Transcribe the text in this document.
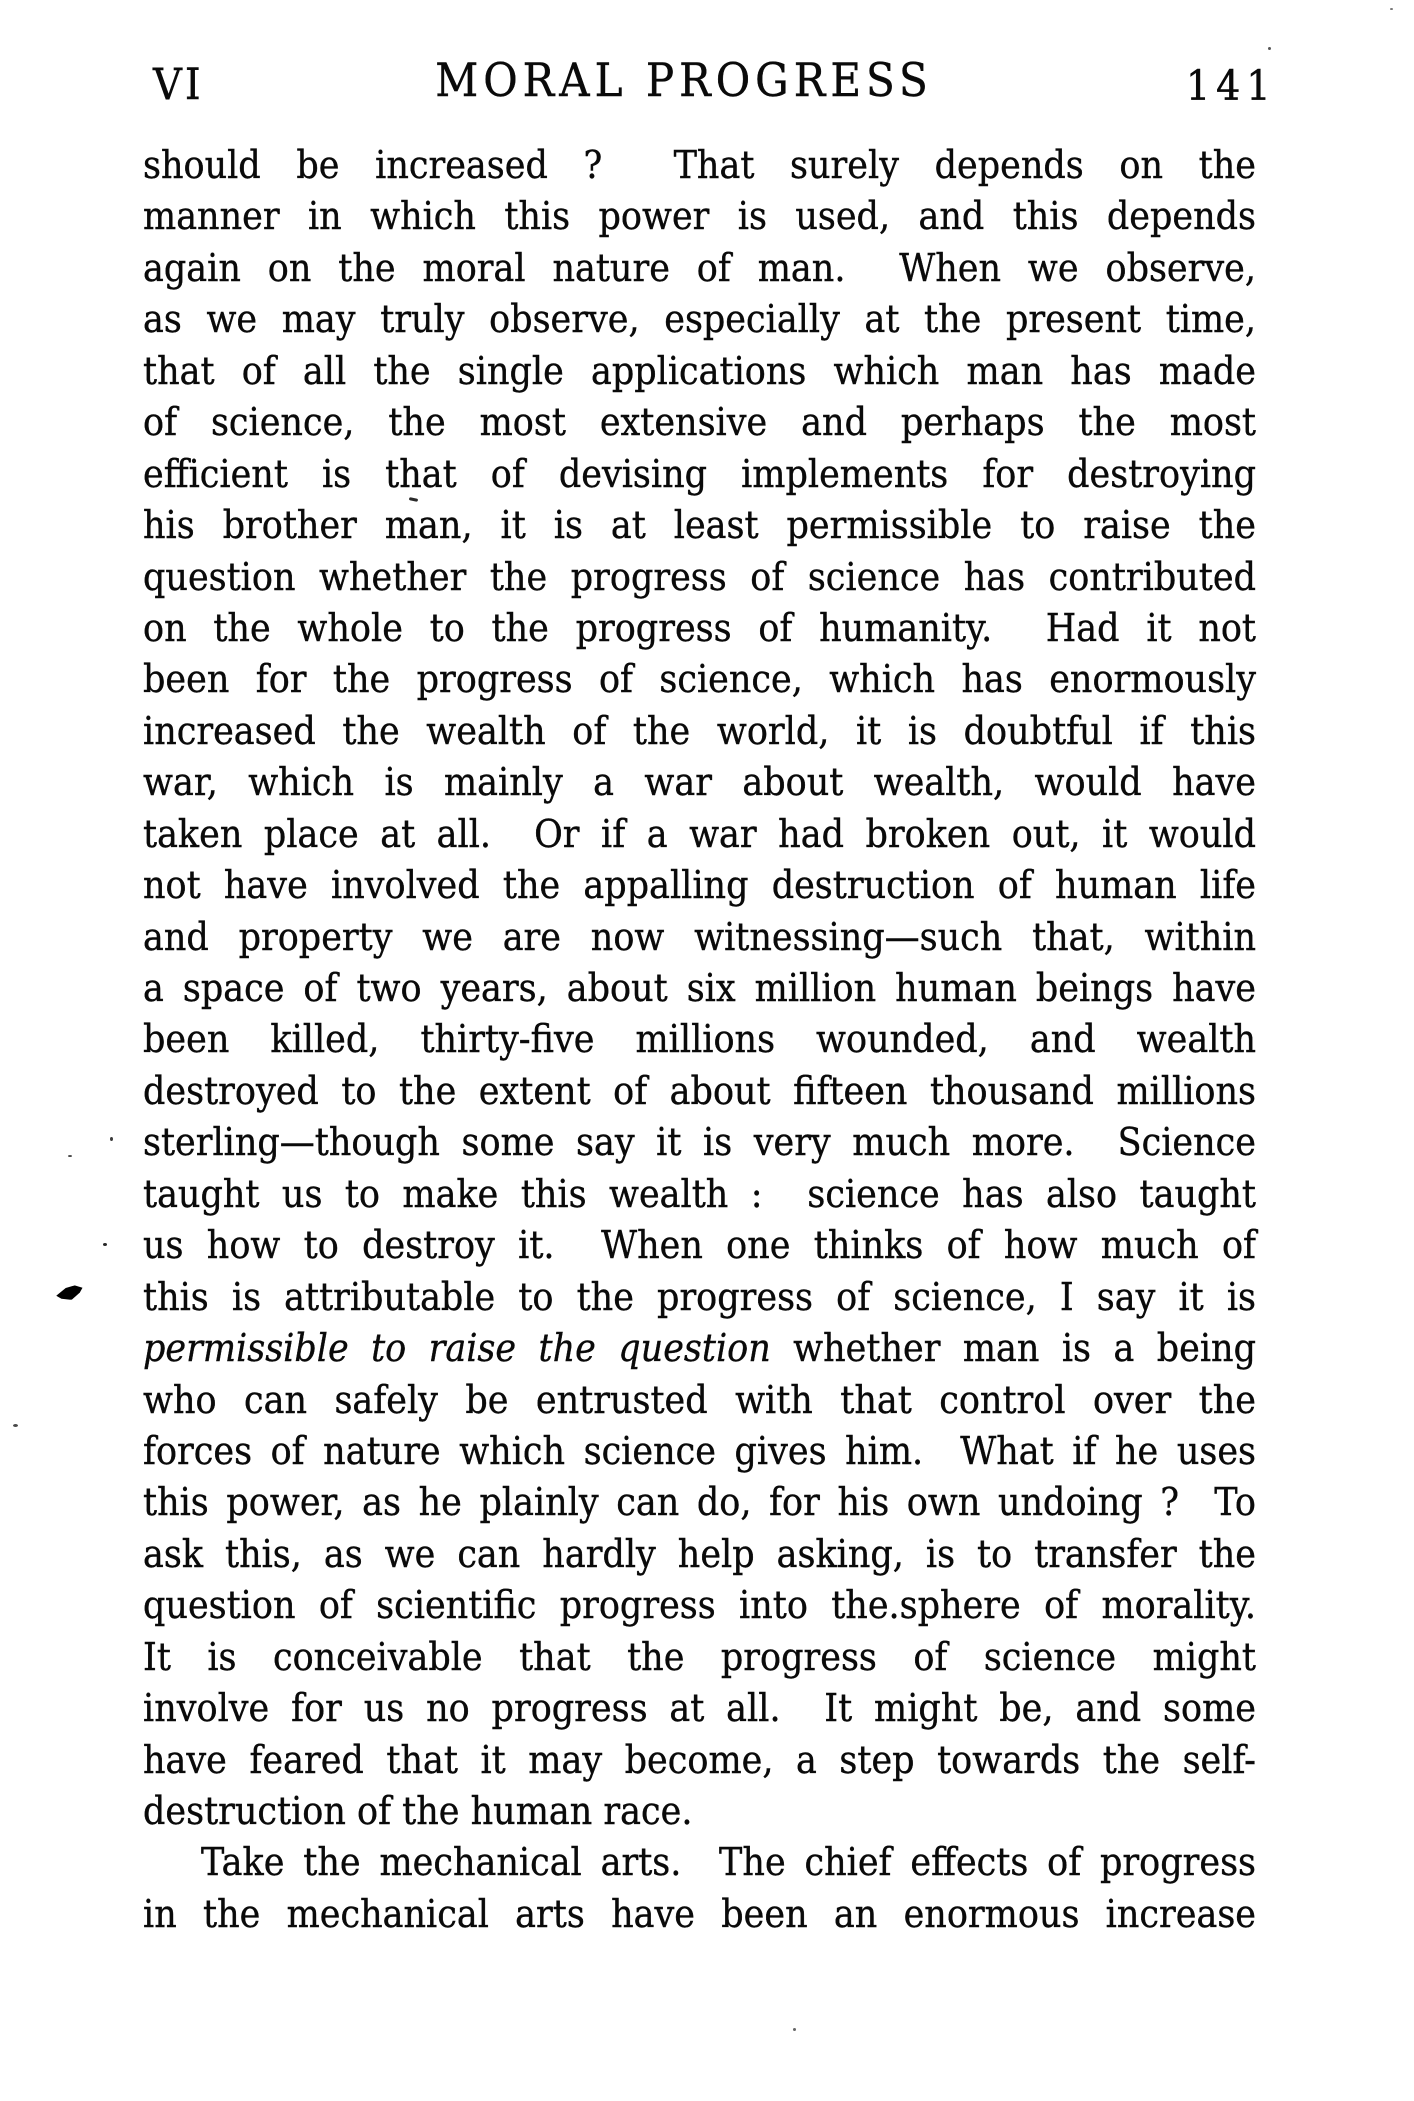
VI	MORAL PROGRESS	141
should be increased ?  That surely depends on the
manner in which this power is used, and this depends
again on the moral nature of man.  When we observe,
as we may truly observe, especially at the present time,
that of all the single applications which man has made
of science, the most extensive and perhaps the most
efficient is that of devising implements for destroying
his brother man, it is at least permissible to raise the
question whether the progress of science has contributed
on the whole to the progress of humanity.  Had it not
been for the progress of science, which has enormously
increased the wealth of the world, it is doubtful if this
war, which is mainly a war about wealth, would have
taken place at all.  Or if a war had broken out, it would
not have involved the appalling destruction of human life
and property we are now witnessing—such that, within
a space of two years, about six million human beings have
been killed, thirty-five millions wounded, and wealth
destroyed to the extent of about fifteen thousand millions
sterling—though some say it is very much more.  Science
taught us to make this wealth :  science has also taught
us how to destroy it.  When one thinks of how much of
this is attributable to the progress of science, I say it is
permissible to raise the question whether man is a being
who can safely be entrusted with that control over the
forces of nature which science gives him.  What if he uses
this power, as he plainly can do, for his own undoing ?  To
ask this, as we can hardly help asking, is to transfer the
question of scientific progress into the.sphere of morality.
It is conceivable that the progress of science might
involve for us no progress at all.  It might be, and some
have feared that it may become, a step towards the self-
destruction of the human race.
Take the mechanical arts.  The chief effects of progress
in the mechanical arts have been an enormous increase
